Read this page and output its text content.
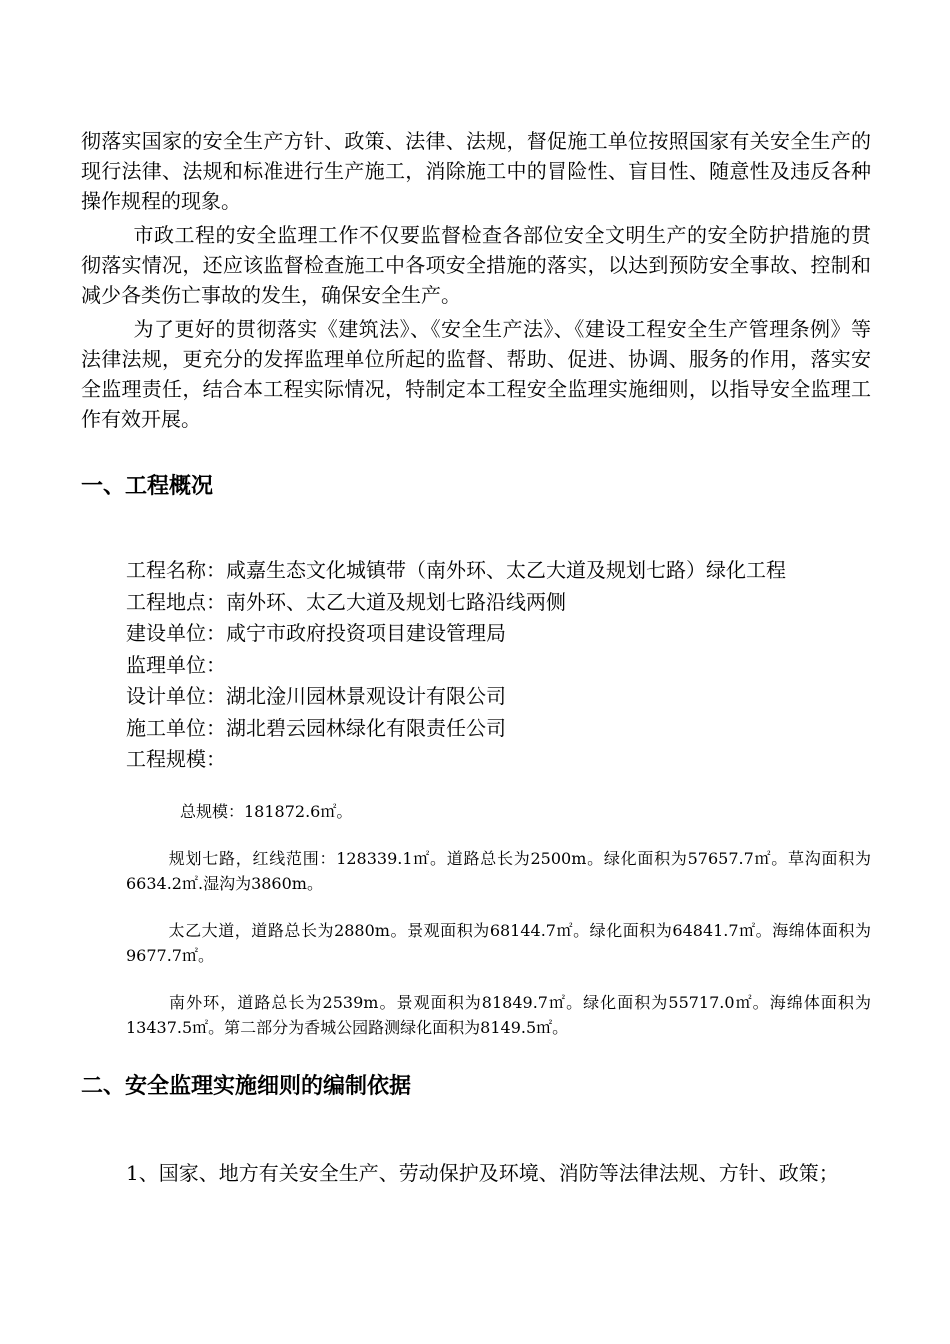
彻落实国家的安全生产方针、政策、法律、法规，督促施工单位按照国家有关安全生产的现行法律、法规和标准进行生产施工，消除施工中的冒险性、盲目性、随意性及违反各种操作规程的现象。

市政工程的安全监理工作不仅要监督检查各部位安全文明生产的安全防护措施的贯彻落实情况，还应该监督检查施工中各项安全措施的落实，以达到预防安全事故、控制和减少各类伤亡事故的发生，确保安全生产。

为了更好的贯彻落实《建筑法》、《安全生产法》、《建设工程安全生产管理条例》等法律法规，更充分的发挥监理单位所起的监督、帮助、促进、协调、服务的作用，落实安全监理责任，结合本工程实际情况，特制定本工程安全监理实施细则，以指导安全监理工作有效开展。

一、工程概况
工程名称：咸嘉生态文化城镇带（南外环、太乙大道及规划七路）绿化工程
工程地点：南外环、太乙大道及规划七路沿线两侧
建设单位：咸宁市政府投资项目建设管理局
监理单位：
设计单位：湖北淦川园林景观设计有限公司
施工单位：湖北碧云园林绿化有限责任公司
工程规模：

总规模：181872.6㎡。

规划七路，红线范围：128339.1㎡。道路总长为2500m。绿化面积为57657.7㎡。草沟面积为6634.2㎡.湿沟为3860m。

太乙大道，道路总长为2880m。景观面积为68144.7㎡。绿化面积为64841.7㎡。海绵体面积为9677.7㎡。

南外环，道路总长为2539m。景观面积为81849.7㎡。绿化面积为55717.0㎡。海绵体面积为13437.5㎡。第二部分为香城公园路测绿化面积为8149.5㎡。

二、安全监理实施细则的编制依据

1、国家、地方有关安全生产、劳动保护及环境、消防等法律法规、方针、政策；
